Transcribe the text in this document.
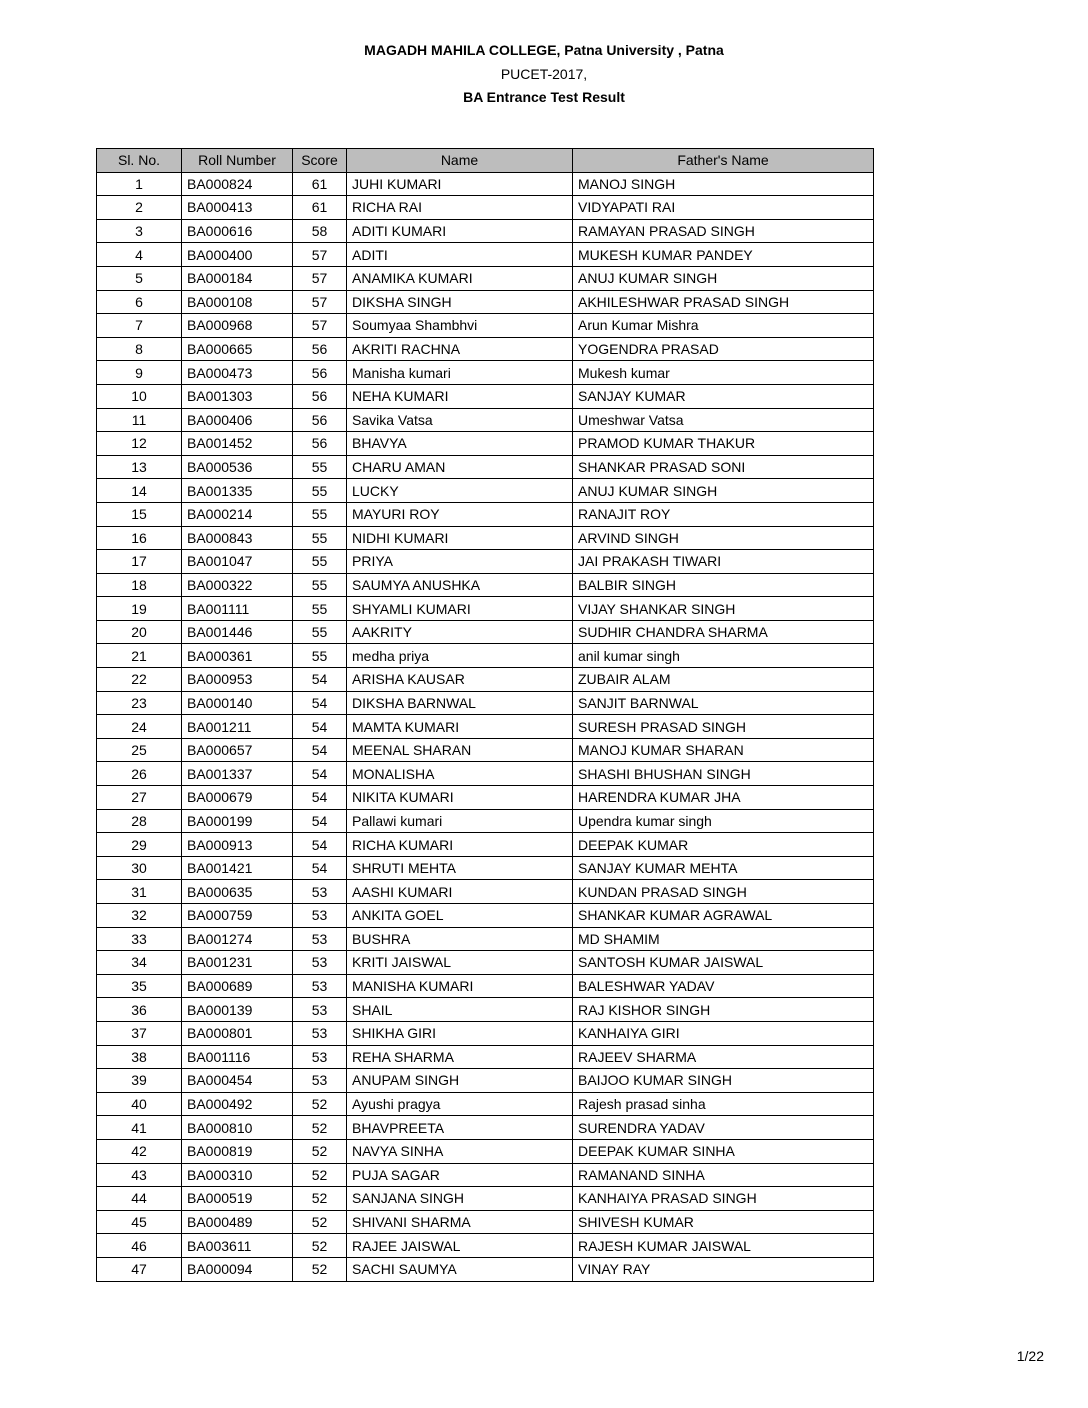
MAGADH MAHILA COLLEGE, Patna University , Patna
PUCET-2017,
BA Entrance Test Result
Sl. No.	Roll Number	Score	Name	Father's Name
1	BA000824	61	JUHI KUMARI	MANOJ SINGH
2	BA000413	61	RICHA RAI	VIDYAPATI RAI
3	BA000616	58	ADITI KUMARI	RAMAYAN PRASAD SINGH
4	BA000400	57	ADITI	MUKESH KUMAR PANDEY
5	BA000184	57	ANAMIKA KUMARI	ANUJ KUMAR SINGH
6	BA000108	57	DIKSHA SINGH	AKHILESHWAR PRASAD SINGH
7	BA000968	57	Soumyaa Shambhvi	Arun Kumar Mishra
8	BA000665	56	AKRITI RACHNA	YOGENDRA PRASAD
9	BA000473	56	Manisha kumari	Mukesh kumar
10	BA001303	56	NEHA KUMARI	SANJAY KUMAR
11	BA000406	56	Savika Vatsa	Umeshwar Vatsa
12	BA001452	56	BHAVYA	PRAMOD KUMAR THAKUR
13	BA000536	55	CHARU AMAN	SHANKAR PRASAD SONI
14	BA001335	55	LUCKY	ANUJ KUMAR SINGH
15	BA000214	55	MAYURI ROY	RANAJIT ROY
16	BA000843	55	NIDHI KUMARI	ARVIND SINGH
17	BA001047	55	PRIYA	JAI PRAKASH TIWARI
18	BA000322	55	SAUMYA ANUSHKA	BALBIR SINGH
19	BA001111	55	SHYAMLI KUMARI	VIJAY SHANKAR SINGH
20	BA001446	55	AAKRITY	SUDHIR CHANDRA SHARMA
21	BA000361	55	medha priya	anil kumar singh
22	BA000953	54	ARISHA KAUSAR	ZUBAIR ALAM
23	BA000140	54	DIKSHA BARNWAL	SANJIT BARNWAL
24	BA001211	54	MAMTA KUMARI	SURESH PRASAD SINGH
25	BA000657	54	MEENAL SHARAN	MANOJ KUMAR SHARAN
26	BA001337	54	MONALISHA	SHASHI BHUSHAN SINGH
27	BA000679	54	NIKITA KUMARI	HARENDRA KUMAR JHA
28	BA000199	54	Pallawi kumari	Upendra kumar singh
29	BA000913	54	RICHA KUMARI	DEEPAK KUMAR
30	BA001421	54	SHRUTI MEHTA	SANJAY KUMAR MEHTA
31	BA000635	53	AASHI KUMARI	KUNDAN PRASAD SINGH
32	BA000759	53	ANKITA GOEL	SHANKAR KUMAR AGRAWAL
33	BA001274	53	BUSHRA	MD SHAMIM
34	BA001231	53	KRITI JAISWAL	SANTOSH KUMAR JAISWAL
35	BA000689	53	MANISHA KUMARI	BALESHWAR YADAV
36	BA000139	53	SHAIL	RAJ KISHOR SINGH
37	BA000801	53	SHIKHA GIRI	KANHAIYA GIRI
38	BA001116	53	REHA SHARMA	RAJEEV SHARMA
39	BA000454	53	ANUPAM SINGH	BAIJOO KUMAR SINGH
40	BA000492	52	Ayushi pragya	Rajesh prasad sinha
41	BA000810	52	BHAVPREETA	SURENDRA YADAV
42	BA000819	52	NAVYA SINHA	DEEPAK KUMAR SINHA
43	BA000310	52	PUJA SAGAR	RAMANAND SINHA
44	BA000519	52	SANJANA SINGH	KANHAIYA PRASAD SINGH
45	BA000489	52	SHIVANI SHARMA	SHIVESH KUMAR
46	BA003611	52	RAJEE JAISWAL	RAJESH KUMAR JAISWAL
47	BA000094	52	SACHI SAUMYA	VINAY RAY
1/22
